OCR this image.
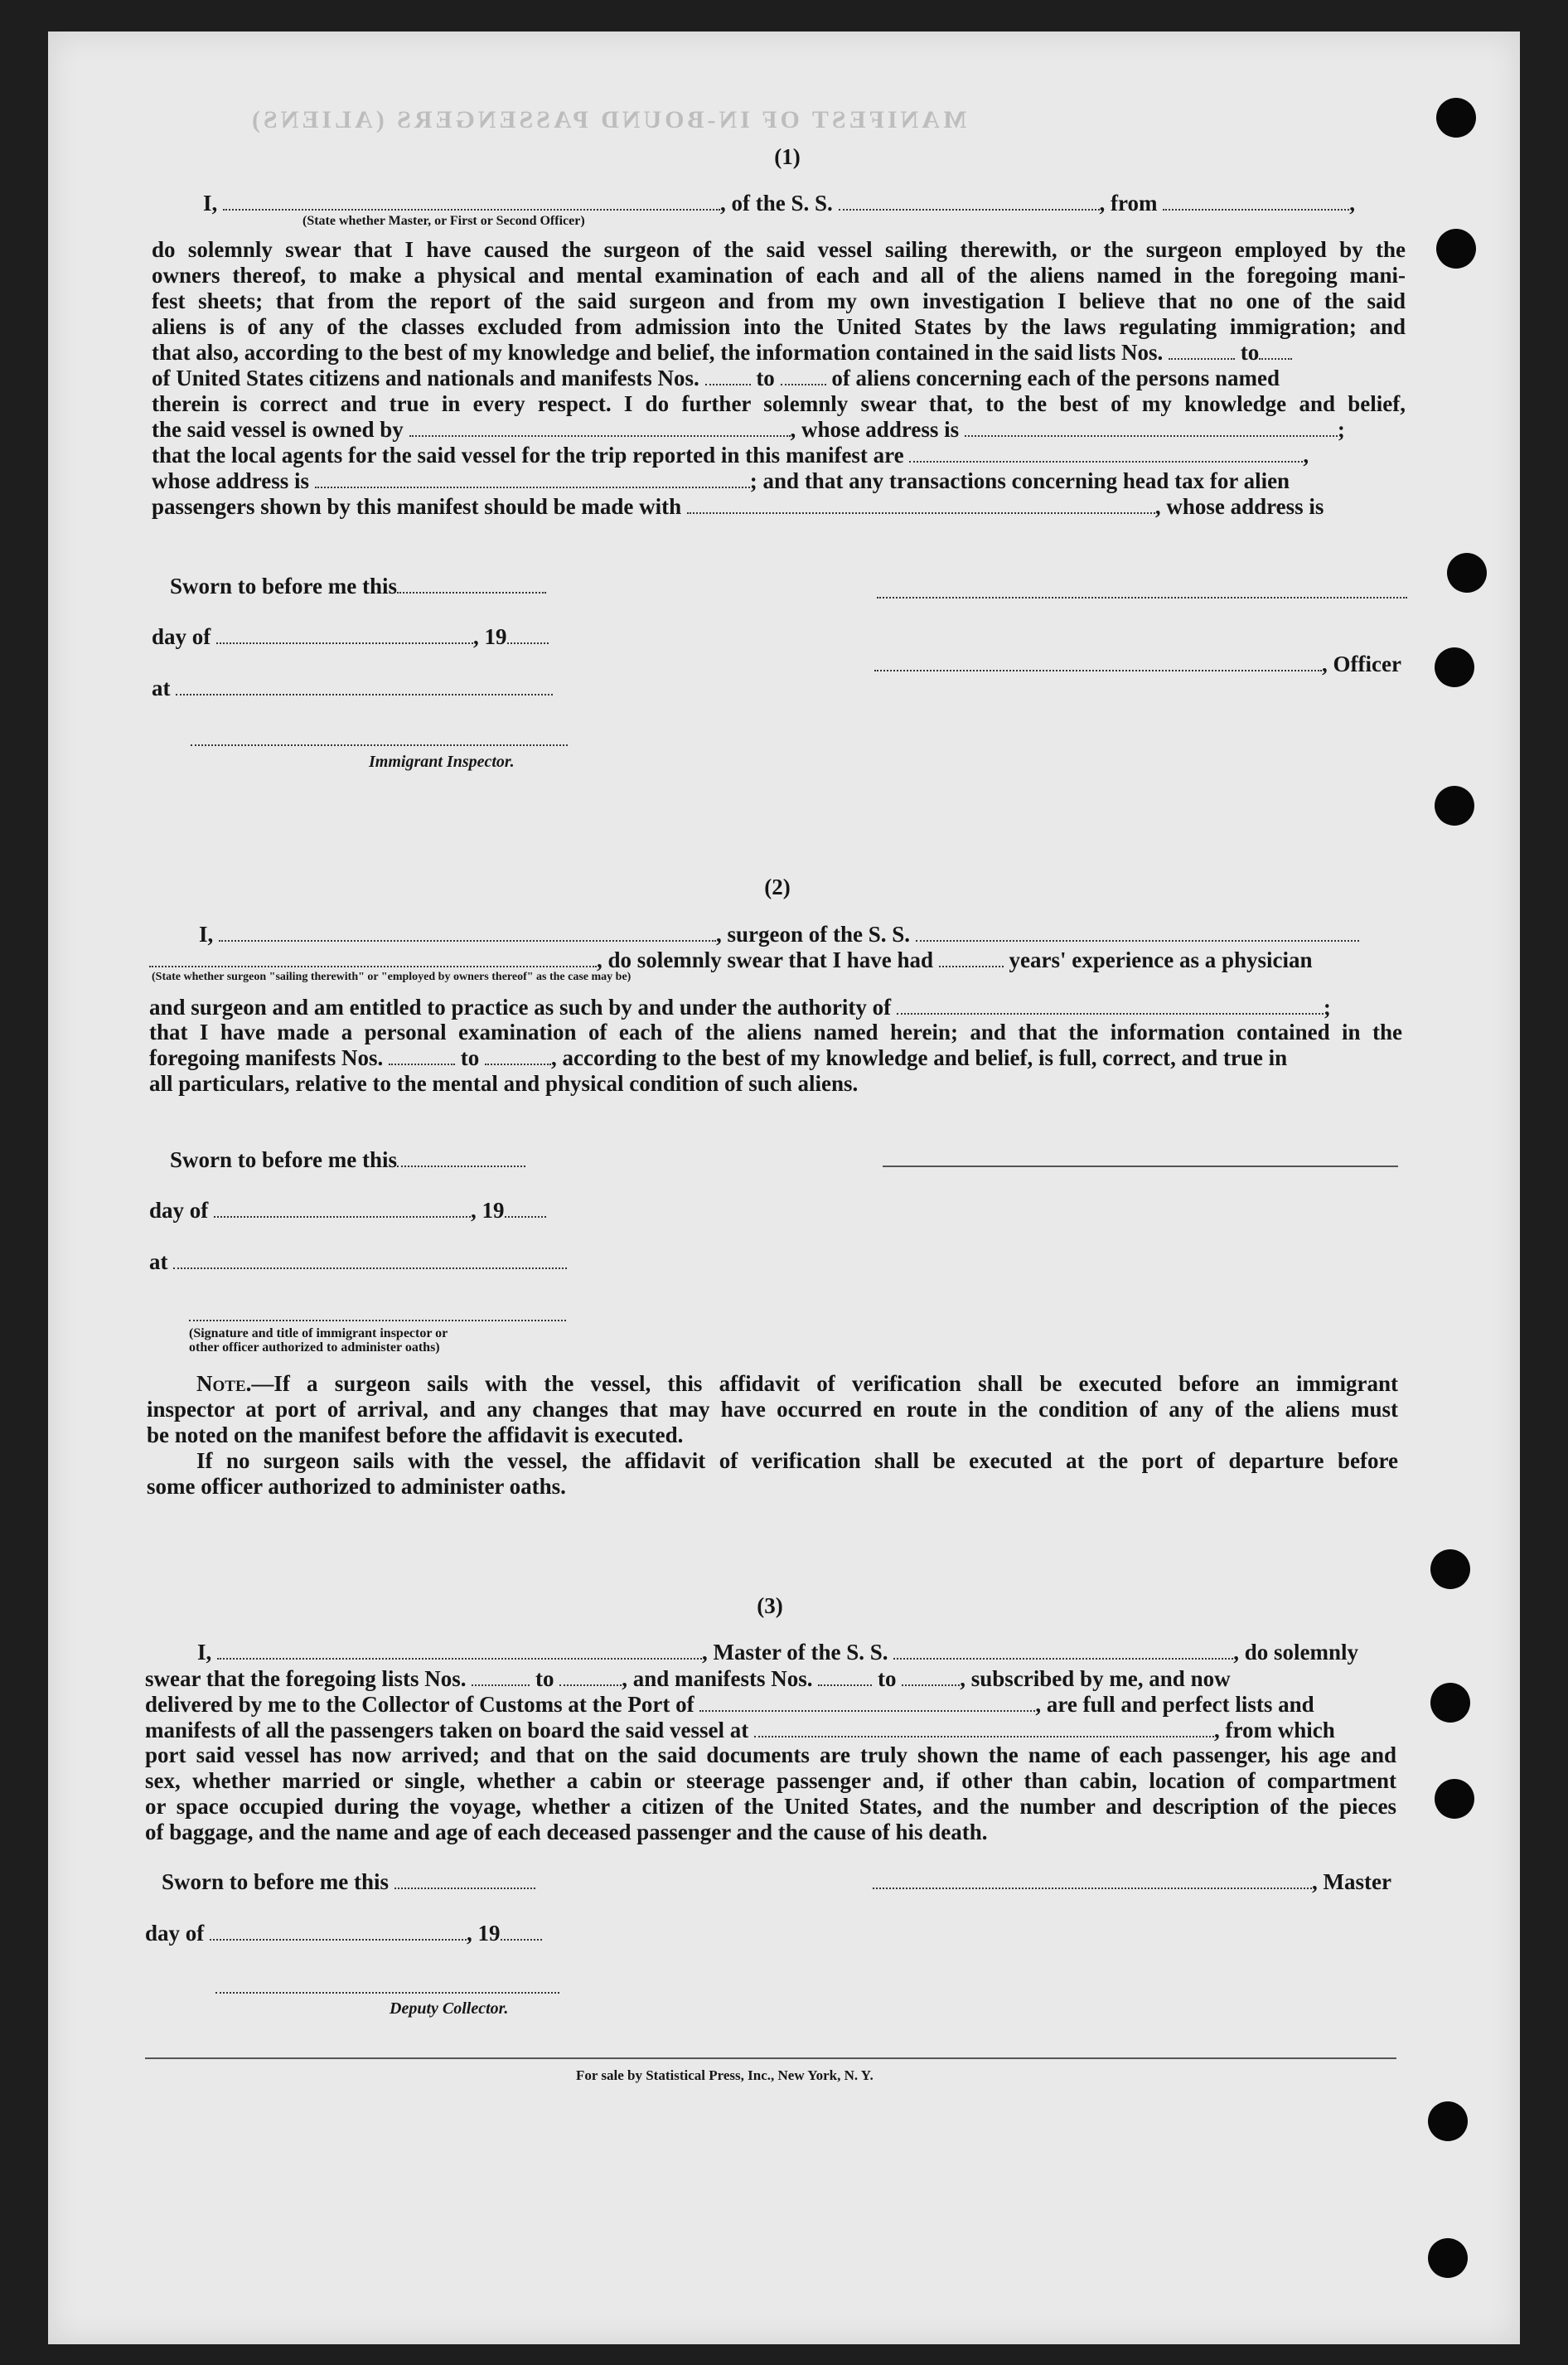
MANIFEST OF IN-BOUND PASSENGERS (ALIENS)
(1)
I,	, of the S. S.	, from	,
(State whether Master, or First or Second Officer)
do solemnly swear that I have caused the surgeon of the said vessel sailing therewith, or the surgeon employed by the
owners thereof, to make a physical and mental examination of each and all of the aliens named in the foregoing mani-
fest sheets; that from the report of the said surgeon and from my own investigation I believe that no one of the said
aliens is of any of the classes excluded from admission into the United States by the laws regulating immigration; and
that also, according to the best of my knowledge and belief, the information contained in the said lists Nos.	to
of United States citizens and nationals and manifests Nos.	to	of aliens concerning each of the persons named
therein is correct and true in every respect. I do further solemnly swear that, to the best of my knowledge and belief,
the said vessel is owned by	, whose address is	;
that the local agents for the said vessel for the trip reported in this manifest are	,
whose address is	; and that any transactions concerning head tax for alien
passengers shown by this manifest should be made with	, whose address is
Sworn to before me this
day of	, 19
, Officer
at
Immigrant Inspector.
(2)
I,	, surgeon of the S. S.
, do solemnly swear that I have had	years' experience as a physician
(State whether surgeon "sailing therewith" or "employed by owners thereof" as the case may be)
and surgeon and am entitled to practice as such by and under the authority of	;
that I have made a personal examination of each of the aliens named herein; and that the information contained in the
foregoing manifests Nos.	to	, according to the best of my knowledge and belief, is full, correct, and true in
all particulars, relative to the mental and physical condition of such aliens.
Sworn to before me this
day of	, 19
at
(Signature and title of immigrant inspector or
other officer authorized to administer oaths)
Note.—If a surgeon sails with the vessel, this affidavit of verification shall be executed before an immigrant
inspector at port of arrival, and any changes that may have occurred en route in the condition of any of the aliens must
be noted on the manifest before the affidavit is executed.
If no surgeon sails with the vessel, the affidavit of verification shall be executed at the port of departure before
some officer authorized to administer oaths.
(3)
I,	, Master of the S. S.	, do solemnly
swear that the foregoing lists Nos.	to	, and manifests Nos.	to	, subscribed by me, and now
delivered by me to the Collector of Customs at the Port of	, are full and perfect lists and
manifests of all the passengers taken on board the said vessel at	, from which
port said vessel has now arrived; and that on the said documents are truly shown the name of each passenger, his age and
sex, whether married or single, whether a cabin or steerage passenger and, if other than cabin, location of compartment
or space occupied during the voyage, whether a citizen of the United States, and the number and description of the pieces
of baggage, and the name and age of each deceased passenger and the cause of his death.
Sworn to before me this	, Master
day of	, 19
Deputy Collector.
For sale by Statistical Press, Inc., New York, N. Y.
